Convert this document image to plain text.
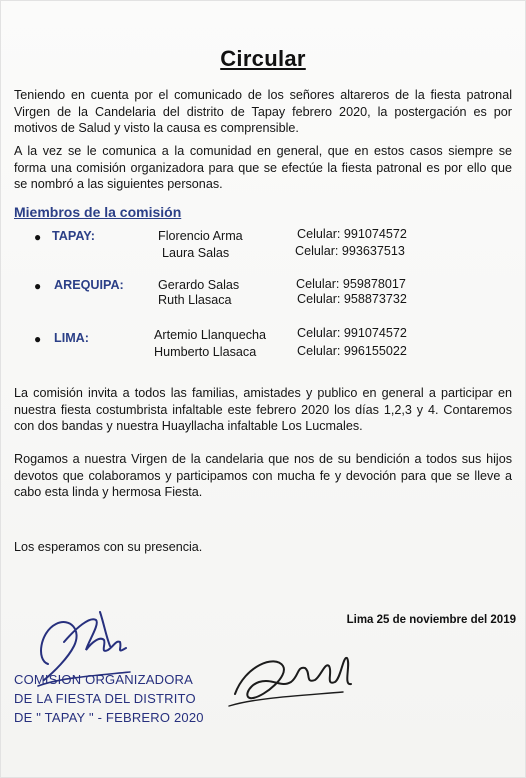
Circular
Teniendo en cuenta por el comunicado de los señores altareros de la fiesta patronal Virgen de la Candelaria del distrito de Tapay febrero 2020, la postergación es por motivos de Salud y visto la causa es comprensible.
A la vez se le comunica a la comunidad en general, que en estos casos siempre se forma una comisión organizadora para que se efectúe la fiesta patronal es por ello que se nombró a las siguientes personas.
Miembros de la comisión
● TAPAY:	Florencio Arma	Celular: 991074572
Laura Salas	Celular: 993637513
● AREQUIPA:	Gerardo Salas	Celular: 959878017
Ruth Llasaca	Celular: 958873732
● LIMA:	Artemio Llanquecha Celular: 991074572
Humberto Llasaca	Celular: 996155022
La comisión invita a todos las familias, amistades y publico en general a participar en nuestra fiesta costumbrista infaltable este febrero 2020 los días 1,2,3 y 4. Contaremos con dos bandas y nuestra Huayllacha infaltable Los Lucmales.
Rogamos a nuestra Virgen de la candelaria que nos de su bendición a todos sus hijos devotos que colaboramos y participamos con mucha fe y devoción para que se lleve a cabo esta linda y hermosa Fiesta.
Los esperamos con su presencia.
Lima 25 de noviembre del 2019
COMISION ORGANIZADORA
DE LA FIESTA DEL DISTRITO
DE " TAPAY " - FEBRERO 2020
